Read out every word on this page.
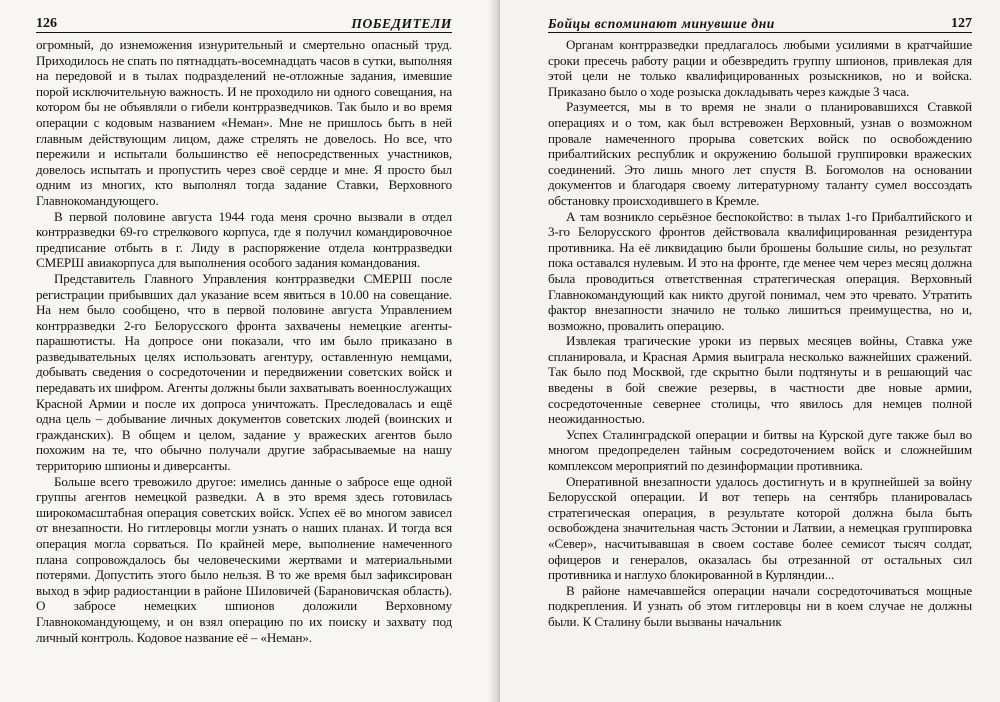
126	ПОБЕДИТЕЛИ

огромный, до изнеможения изнурительный и смертельно опасный труд. Приходилось не спать по пятнадцать-восемнадцать часов в сутки, выполняя на передовой и в тылах подразделений не-отложные задания, имевшие порой исключительную важность. И не проходило ни одного совещания, на котором бы не объявляли о гибели контрразведчиков. Так было и во время операции с кодовым названием «Неман». Мне не пришлось быть в ней главным действующим лицом, даже стрелять не довелось. Но все, что пережили и испытали большинство её непосредственных участников, довелось испытать и пропустить через своё сердце и мне. Я просто был одним из многих, кто выполнял тогда задание Ставки, Верховного Главнокомандующего.

В первой половине августа 1944 года меня срочно вызвали в отдел контрразведки 69-го стрелкового корпуса, где я получил командировочное предписание отбыть в г. Лиду в распоряжение отдела контрразведки СМЕРШ авиакорпуса для выполнения особого задания командования.

Представитель Главного Управления контрразведки СМЕРШ после регистрации прибывших дал указание всем явиться в 10.00 на совещание. На нем было сообщено, что в первой половине августа Управлением контрразведки 2-го Белорусского фронта захвачены немецкие агенты-парашютисты. На допросе они показали, что им было приказано в разведывательных целях использовать агентуру, оставленную немцами, добывать сведения о сосредоточении и передвижении советских войск и передавать их шифром. Агенты должны были захватывать военнослужащих Красной Армии и после их допроса уничтожать. Преследовалась и ещё одна цель – добывание личных документов советских людей (воинских и гражданских). В общем и целом, задание у вражеских агентов было похожим на те, что обычно получали другие забрасываемые на нашу территорию шпионы и диверсанты.

Больше всего тревожило другое: имелись данные о забросе еще одной группы агентов немецкой разведки. А в это время здесь готовилась широкомасштабная операция советских войск. Успех её во многом зависел от внезапности. Но гитлеровцы могли узнать о наших планах. И тогда вся операция могла сорваться. По крайней мере, выполнение намеченного плана сопровождалось бы человеческими жертвами и материальными потерями. Допустить этого было нельзя. В то же время был зафиксирован выход в эфир радиостанции в районе Шиловичей (Барановичская область). О забросе немецких шпионов доложили Верховному Главнокомандующему, и он взял операцию по их поиску и захвату под личный контроль. Кодовое название её – «Неман».

Бойцы вспоминают минувшие дни	127

Органам контрразведки предлагалось любыми усилиями в кратчайшие сроки пресечь работу рации и обезвредить группу шпионов, привлекая для этой цели не только квалифицированных розыскников, но и войска. Приказано было о ходе розыска докладывать через каждые 3 часа.

Разумеется, мы в то время не знали о планировавшихся Ставкой операциях и о том, как был встревожен Верховный, узнав о возможном провале намеченного прорыва советских войск по освобождению прибалтийских республик и окружению большой группировки вражеских соединений. Это лишь много лет спустя В. Богомолов на основании документов и благодаря своему литературному таланту сумел воссоздать обстановку происходившего в Кремле.

А там возникло серьёзное беспокойство: в тылах 1-го Прибалтийского и 3-го Белорусского фронтов действовала квалифицированная резидентура противника. На её ликвидацию были брошены большие силы, но результат пока оставался нулевым. И это на фронте, где менее чем через месяц должна была проводиться ответственная стратегическая операция. Верховный Главнокомандующий как никто другой понимал, чем это чревато. Утратить фактор внезапности значило не только лишиться преимущества, но и, возможно, провалить операцию.

Извлекая трагические уроки из первых месяцев войны, Ставка уже спланировала, и Красная Армия выиграла несколько важнейших сражений. Так было под Москвой, где скрытно были подтянуты и в решающий час введены в бой свежие резервы, в частности две новые армии, сосредоточенные севернее столицы, что явилось для немцев полной неожиданностью.

Успех Сталинградской операции и битвы на Курской дуге также был во многом предопределен тайным сосредоточением войск и сложнейшим комплексом мероприятий по дезинформации противника.

Оперативной внезапности удалось достигнуть и в крупнейшей за войну Белорусской операции. И вот теперь на сентябрь планировалась стратегическая операция, в результате которой должна была быть освобождена значительная часть Эстонии и Латвии, а немецкая группировка «Север», насчитывавшая в своем составе более семисот тысяч солдат, офицеров и генералов, оказалась бы отрезанной от остальных сил противника и наглухо блокированной в Курляндии...

В районе намечавшейся операции начали сосредоточиваться мощные подкрепления. И узнать об этом гитлеровцы ни в коем случае не должны были. К Сталину были вызваны начальник
